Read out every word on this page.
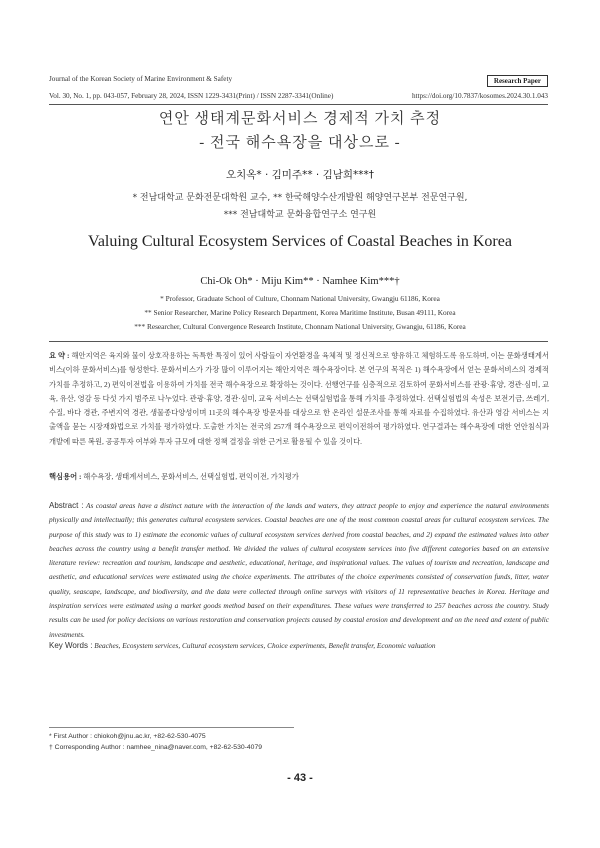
Journal of the Korean Society of Marine Environment & Safety	Research Paper
Vol. 30, No. 1, pp. 043-057, February 28, 2024, ISSN 1229-3431(Print) / ISSN 2287-3341(Online)	https://doi.org/10.7837/kosomes.2024.30.1.043
연안 생태계문화서비스 경제적 가치 추정
- 전국 해수욕장을 대상으로 -
오치옥* · 김미주** · 김남희***†
* 전남대학교 문화전문대학원 교수, ** 한국해양수산개발원 해양연구본부 전문연구원,
*** 전남대학교 문화융합연구소 연구원
Valuing Cultural Ecosystem Services of Coastal Beaches in Korea
Chi-Ok Oh* · Miju Kim** · Namhee Kim***†
* Professor, Graduate School of Culture, Chonnam National University, Gwangju 61186, Korea
** Senior Researcher, Marine Policy Research Department, Korea Maritime Institute, Busan 49111, Korea
*** Researcher, Cultural Convergence Research Institute, Chonnam National University, Gwangju, 61186, Korea
요 약 : 해안지역은 육지와 물이 상호작용하는 독특한 특징이 있어 사람들이 자연환경을 육체적 및 정신적으로 향유하고 체험하도록 유도하며, 이는 문화생태계서비스(이하 문화서비스)를 형성한다. 문화서비스가 가장 많이 이루어지는 해안지역은 해수욕장이다. 본 연구의 목적은 1) 해수욕장에서 얻는 문화서비스의 경제적 가치를 추정하고, 2) 편익이전법을 이용하여 가치를 전국 해수욕장으로 확장하는 것이다. 선행연구를 심층적으로 검토하여 문화서비스를 관광·휴양, 경관·심미, 교육, 유산, 영감 등 다섯 가지 범주로 나누었다. 관광·휴양, 경관·심미, 교육 서비스는 선택실험법을 통해 가치를 추정하였다. 선택실험법의 속성은 보전기금, 쓰레기, 수질, 바다 경관, 주변지역 경관, 생물종다양성이며 11곳의 해수욕장 방문자를 대상으로 한 온라인 설문조사를 통해 자료를 수집하였다. 유산과 영감 서비스는 지출액을 묻는 시장재화법으로 가치를 평가하였다. 도출한 가치는 전국의 257개 해수욕장으로 편익이전하여 평가하였다. 연구결과는 해수욕장에 대한 연안침식과 개발에 따른 복원, 공공투자 여부와 투자 규모에 대한 정책 결정을 위한 근거로 활용될 수 있을 것이다.
핵심용어 : 해수욕장, 생태계서비스, 문화서비스, 선택실험법, 편익이전, 가치평가
Abstract : As coastal areas have a distinct nature with the interaction of the lands and waters, they attract people to enjoy and experience the natural environments physically and intellectually; this generates cultural ecosystem services. Coastal beaches are one of the most common coastal areas for cultural ecosystem services. The purpose of this study was to 1) estimate the economic values of cultural ecosystem services derived from coastal beaches, and 2) expand the estimated values into other beaches across the country using a benefit transfer method. We divided the values of cultural ecosystem services into five different categories based on an extensive literature review: recreation and tourism, landscape and aesthetic, educational, heritage, and inspirational values. The values of tourism and recreation, landscape and aesthetic, and educational services were estimated using the choice experiments. The attributes of the choice experiments consisted of conservation funds, litter, water quality, seascape, landscape, and biodiversity, and the data were collected through online surveys with visitors of 11 representative beaches in Korea. Heritage and inspiration services were estimated using a market goods method based on their expenditures. These values were transferred to 257 beaches across the country. Study results can be used for policy decisions on various restoration and conservation projects caused by coastal erosion and development and on the need and extent of public investments.
Key Words : Beaches, Ecosystem services, Cultural ecosystem services, Choice experiments, Benefit transfer, Economic valuation
* First Author : chiokoh@jnu.ac.kr, +82-62-530-4075
† Corresponding Author : namhee_nina@naver.com, +82-62-530-4079
- 43 -
